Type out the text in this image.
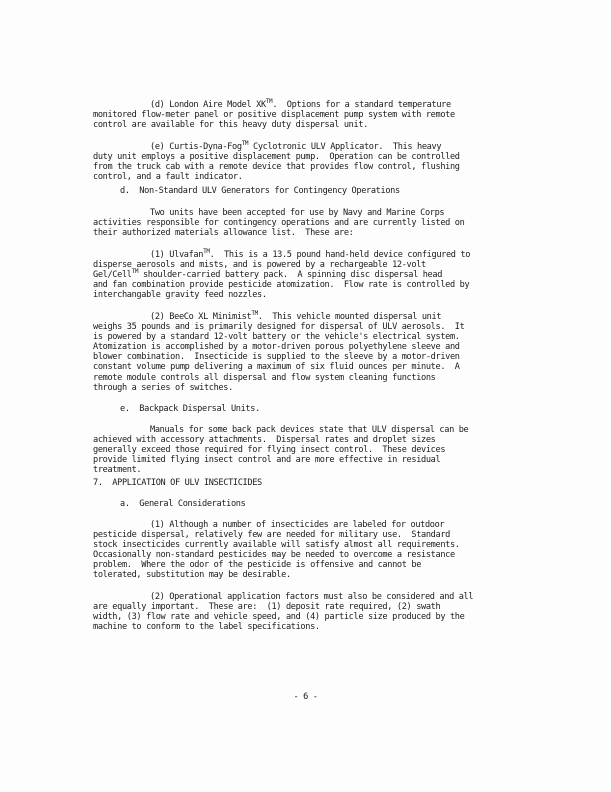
(d) London Aire Model XK™.  Options for a standard temperature
monitored flow-meter panel or positive displacement pump system with remote
control are available for this heavy duty dispersal unit.
(e) Curtis-Dyna-Fog™ Cyclotronic ULV Applicator.  This heavy
duty unit employs a positive displacement pump.  Operation can be controlled
from the truck cab with a remote device that provides flow control, flushing
control, and a fault indicator.
d.  Non-Standard ULV Generators for Contingency Operations
Two units have been accepted for use by Navy and Marine Corps
activities responsible for contingency operations and are currently listed on
their authorized materials allowance list.  These are:
(1) Ulvafan™.  This is a 13.5 pound hand-held device configured to
disperse aerosols and mists, and is powered by a rechargeable 12-volt
Gel/Cell™ shoulder-carried battery pack.  A spinning disc dispersal head
and fan combination provide pesticide atomization.  Flow rate is controlled by
interchangable gravity feed nozzles.
(2) BeeCo XL Minimist™.  This vehicle mounted dispersal unit
weighs 35 pounds and is primarily designed for dispersal of ULV aerosols.  It
is powered by a standard 12-volt battery or the vehicle's electrical system.
Atomization is accomplished by a motor-driven porous polyethylene sleeve and
blower combination.  Insecticide is supplied to the sleeve by a motor-driven
constant volume pump delivering a maximum of six fluid ounces per minute.  A
remote module controls all dispersal and flow system cleaning functions
through a series of switches.
e.  Backpack Dispersal Units.
Manuals for some back pack devices state that ULV dispersal can be
achieved with accessory attachments.  Dispersal rates and droplet sizes
generally exceed those required for flying insect control.  These devices
provide limited flying insect control and are more effective in residual
treatment.
7.  APPLICATION OF ULV INSECTICIDES
a.  General Considerations
(1) Although a number of insecticides are labeled for outdoor
pesticide dispersal, relatively few are needed for military use.  Standard
stock insecticides currently available will satisfy almost all requirements.
Occasionally non-standard pesticides may be needed to overcome a resistance
problem.  Where the odor of the pesticide is offensive and cannot be
tolerated, substitution may be desirable.
(2) Operational application factors must also be considered and all
are equally important.  These are:  (1) deposit rate required, (2) swath
width, (3) flow rate and vehicle speed, and (4) particle size produced by the
machine to conform to the label specifications.
- 6 -
